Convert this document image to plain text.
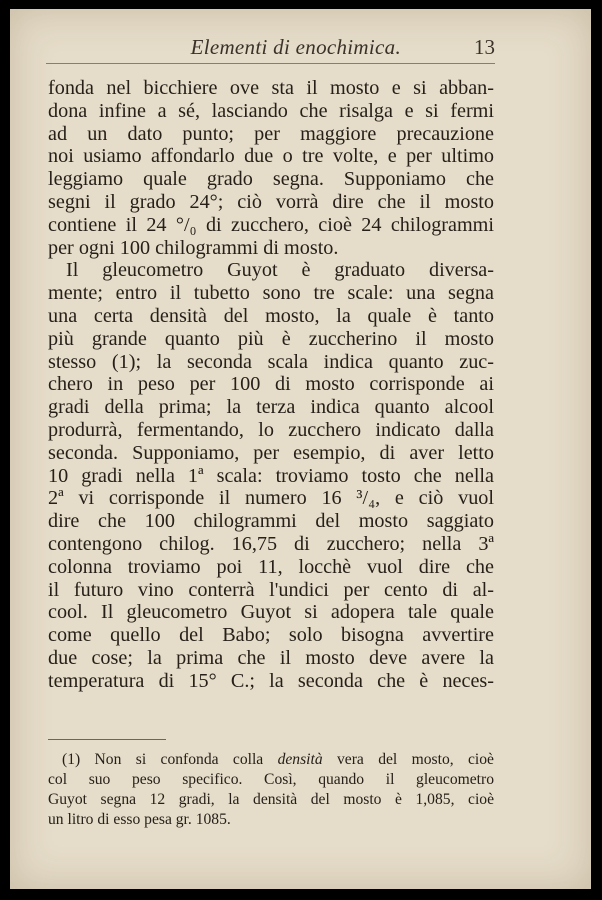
Elementi di enochimica.	13
fonda nel bicchiere ove sta il mosto e si abban-
dona infine a sé, lasciando che risalga e si fermi
ad un dato punto; per maggiore precauzione
noi usiamo affondarlo due o tre volte, e per ultimo
leggiamo quale grado segna. Supponiamo che
segni il grado 24°; ciò vorrà dire che il mosto
contiene il 24 °/₀ di zucchero, cioè 24 chilogrammi
per ogni 100 chilogrammi di mosto.
Il gleucometro Guyot è graduato diversa-
mente; entro il tubetto sono tre scale: una segna
una certa densità del mosto, la quale è tanto
più grande quanto più è zuccherino il mosto
stesso (1); la seconda scala indica quanto zuc-
chero in peso per 100 di mosto corrisponde ai
gradi della prima; la terza indica quanto alcool
produrrà, fermentando, lo zucchero indicato dalla
seconda. Supponiamo, per esempio, di aver letto
10 gradi nella 1ª scala: troviamo tosto che nella
2ª vi corrisponde il numero 16 ³/₄, e ciò vuol
dire che 100 chilogrammi del mosto saggiato
contengono chilog. 16,75 di zucchero; nella 3ª
colonna troviamo poi 11, locchè vuol dire che
il futuro vino conterrà l'undici per cento di al-
cool. Il gleucometro Guyot si adopera tale quale
come quello del Babo; solo bisogna avvertire
due cose; la prima che il mosto deve avere la
temperatura di 15° C.; la seconda che è neces-
(1) Non si confonda colla densità vera del mosto, cioè
col suo peso specifico. Così, quando il gleucometro
Guyot segna 12 gradi, la densità del mosto è 1,085, cioè
un litro di esso pesa gr. 1085.
